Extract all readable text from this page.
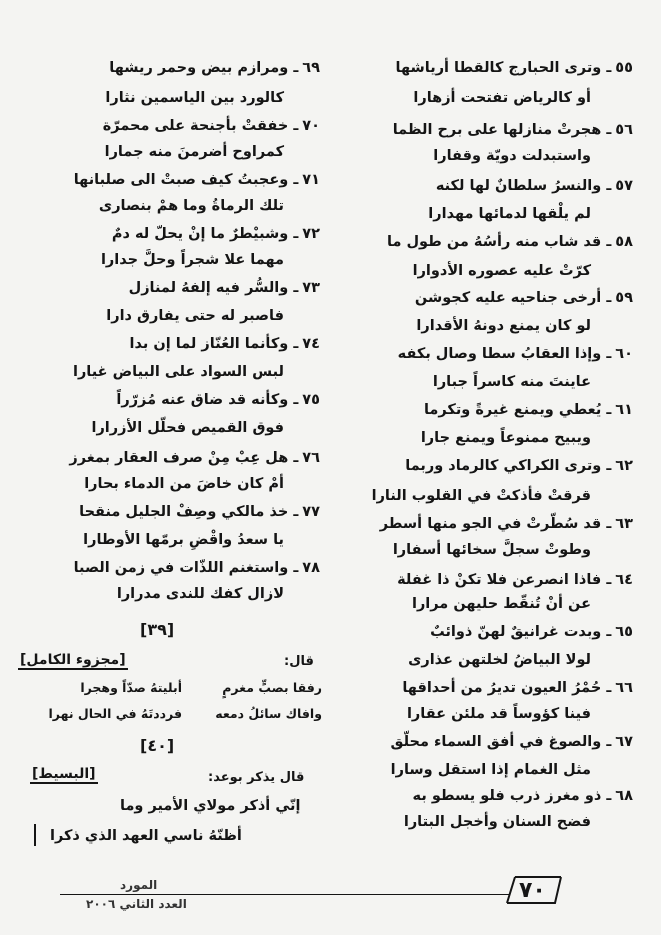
٥٥ـ وترى الحبارج كالقطا أرياشها
أو كالرياض تفتحت أزهارا
٥٦ـ هجرتْ منازلها على برح الظما
واستبدلت دويّة وقفارا
٥٧ـ والنسرُ سلطانٌ لها لكنه
لم يلْقها لدمائها مهدارا
٥٨ـ قد شاب منه رأسُهُ من طول ما
كرّتْ عليه عصوره الأدوارا
٥٩ـ أرخى جناحيه عليه كجوشن
لو كان يمنع دونهُ الأقدارا
٦٠ـ وإذا العقابُ سطا وصال بكفه
عاينتَ منه كاسراً جبارا
٦١ـ يُعطي ويمنع غيرةً وتكرما
ويبيح ممنوعاً ويمنع جارا
٦٢ـ وترى الكراكي كالرماد وربما
قرقتْ فأذكتْ في القلوب النارا
٦٣ـ قد سُطّرتْ في الجو منها أسطر
وطوتْ سجلَّ سخائها أسفارا
٦٤ـ فاذا انصرعن فلا تكنْ ذا غفلة
عن أنْ تُنقّط حليهن مرارا
٦٥ـ وبدت غرانيقٌ لهنّ ذوائبٌ
لولا البياضُ لخلتهن عذارى
٦٦ـ حُمْرُ العيون تديرُ من أحداقها
فينا كؤوساً قد ملئن عقارا
٦٧ـ والصوغ في أفق السماء محلّق
مثل الغمام إذا استقل وسارا
٦٨ـ ذو مغرز ذرب فلو يسطو به
فضح السنان وأخجل البتارا
٦٩ـ ومرازم بيض وحمر ريشها
كالورد بين الياسمين نثارا
٧٠ـ خفقتْ بأجنحة على محمرّة
كمراوح أضرمنَ منه جمارا
٧١ـ وعجبتُ كيف صبتْ الى صلبانها
تلك الرماةُ وما همْ بنصارى
٧٢ـ وشبيْطرٌ ما إنْ يحلّ له دمٌ
مهما علا شجراً وحلَّ جدارا
٧٣ـ والسُّر فيه إلفهُ لمنازل
فاصبر له حتى يفارق دارا
٧٤ـ وكأنما العُنّاز لما إن بدا
لبس السواد على البياض غيارا
٧٥ـ وكأنه قد ضاق عنه مُزرّراً
فوق القميص فحلّل الأزرارا
٧٦ـ هل عِبْ مِنْ صرف العقار بمغرز
أمْ كان خاضَ من الدماء بحارا
٧٧ـ خذ مالكي وصِفْ الجليل منقحا
يا سعدُ واقْضِ برمّها الأوطارا
٧٨ـ واستغنم اللذّات في زمن الصبا
لازال كفك للندى مدرارا
[٣٩]
[مجزوء الكامل]	قال:
رفقا بصبٍّ مغرمٍ
أبليتهُ صدّاً وهجرا
وافاك سائلُ دمعه
فرددتَهُ في الحال نهرا
[٤٠]
[البسيط]	قال يذكر بوعد:
إنّي أذكر مولاي الأمير وما
أظنّهُ ناسي العهد الذي ذكرا
المورد
العدد الثاني ٢٠٠٦
٧٠
